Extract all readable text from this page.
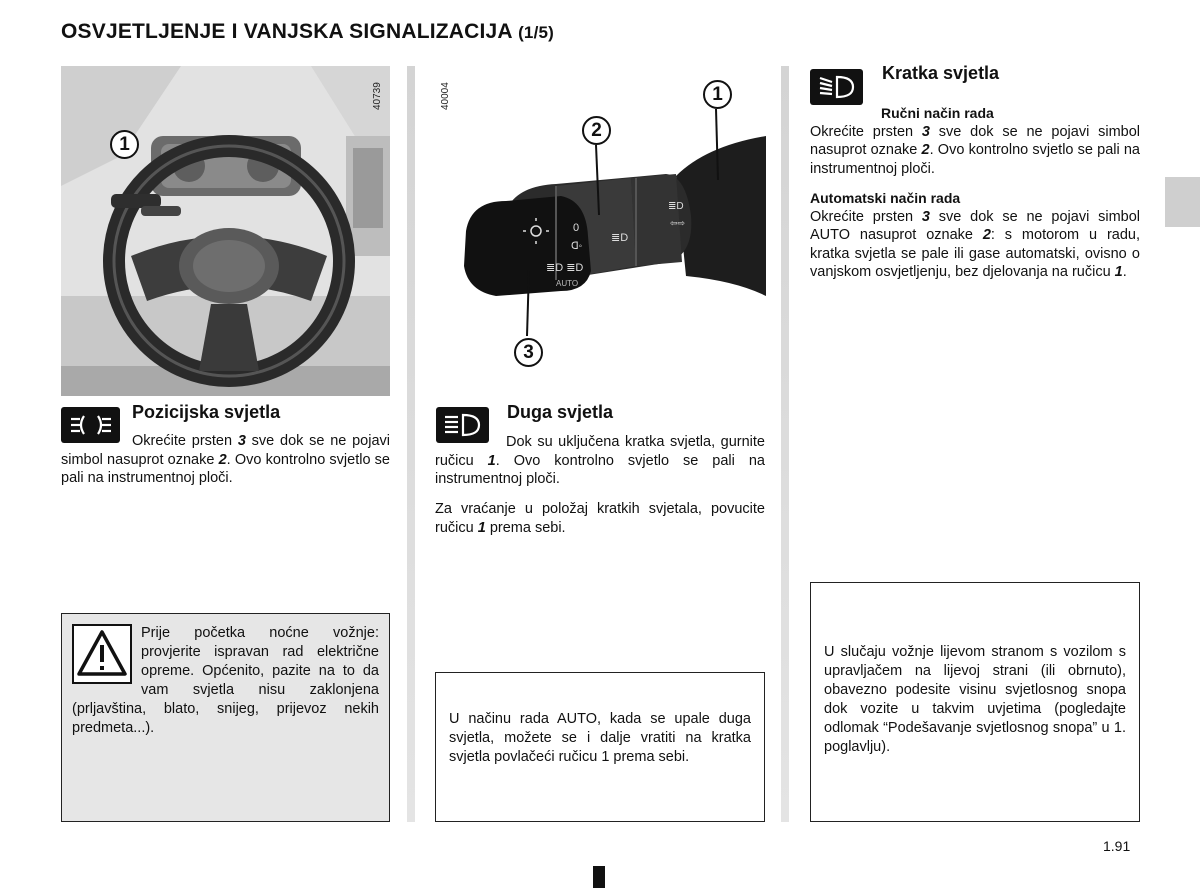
OSVJETLJENJE I VANJSKA SIGNALIZACIJA (1/5)
40739
1
0
ᗡ◦
≣D ≣D
AUTO
≣D
≣D
⇦⇨
40004	1
2
3
Pozicijska svjetla
Okrećite prsten 3 sve dok se ne pojavi simbol nasuprot oznake 2. Ovo kontrolno svjetlo se pali na instrumentnoj ploči.
Duga svjetla
Dok su uključena kratka svjetla, gurnite ručicu 1. Ovo kontrolno svjetlo se pali na instrumentnoj ploči.
Za vraćanje u položaj kratkih svjetala, povucite ručicu 1 prema sebi.
Kratka svjetla
Ručni način rada
Okrećite prsten 3 sve dok se ne pojavi simbol nasuprot oznake 2. Ovo kontrolno svjetlo se pali na instrumentnoj ploči.
Automatski način rada
Okrećite prsten 3 sve dok se ne pojavi simbol AUTO nasuprot oznake 2: s motorom u radu, kratka svjetla se pale ili gase automatski, ovisno o vanjskom osvjetljenju, bez djelovanja na ručicu 1.
Prije početka noćne vožnje: provjerite ispravan rad električne opreme. Općenito, pazite na to da vam svjetla nisu zaklonjena (prljavština, blato, snijeg, prijevoz nekih predmeta...).
U načinu rada AUTO, kada se upale duga svjetla, možete se i dalje vratiti na kratka svjetla povlačeći ručicu 1 prema sebi.
U slučaju vožnje lijevom stranom s vozilom s upravljačem na lijevoj strani (ili obrnuto), obavezno podesite visinu svjetlosnog snopa dok vozite u takvim uvjetima (pogledajte odlomak “Podešavanje svjetlosnog snopa” u 1. poglavlju).
1.91
